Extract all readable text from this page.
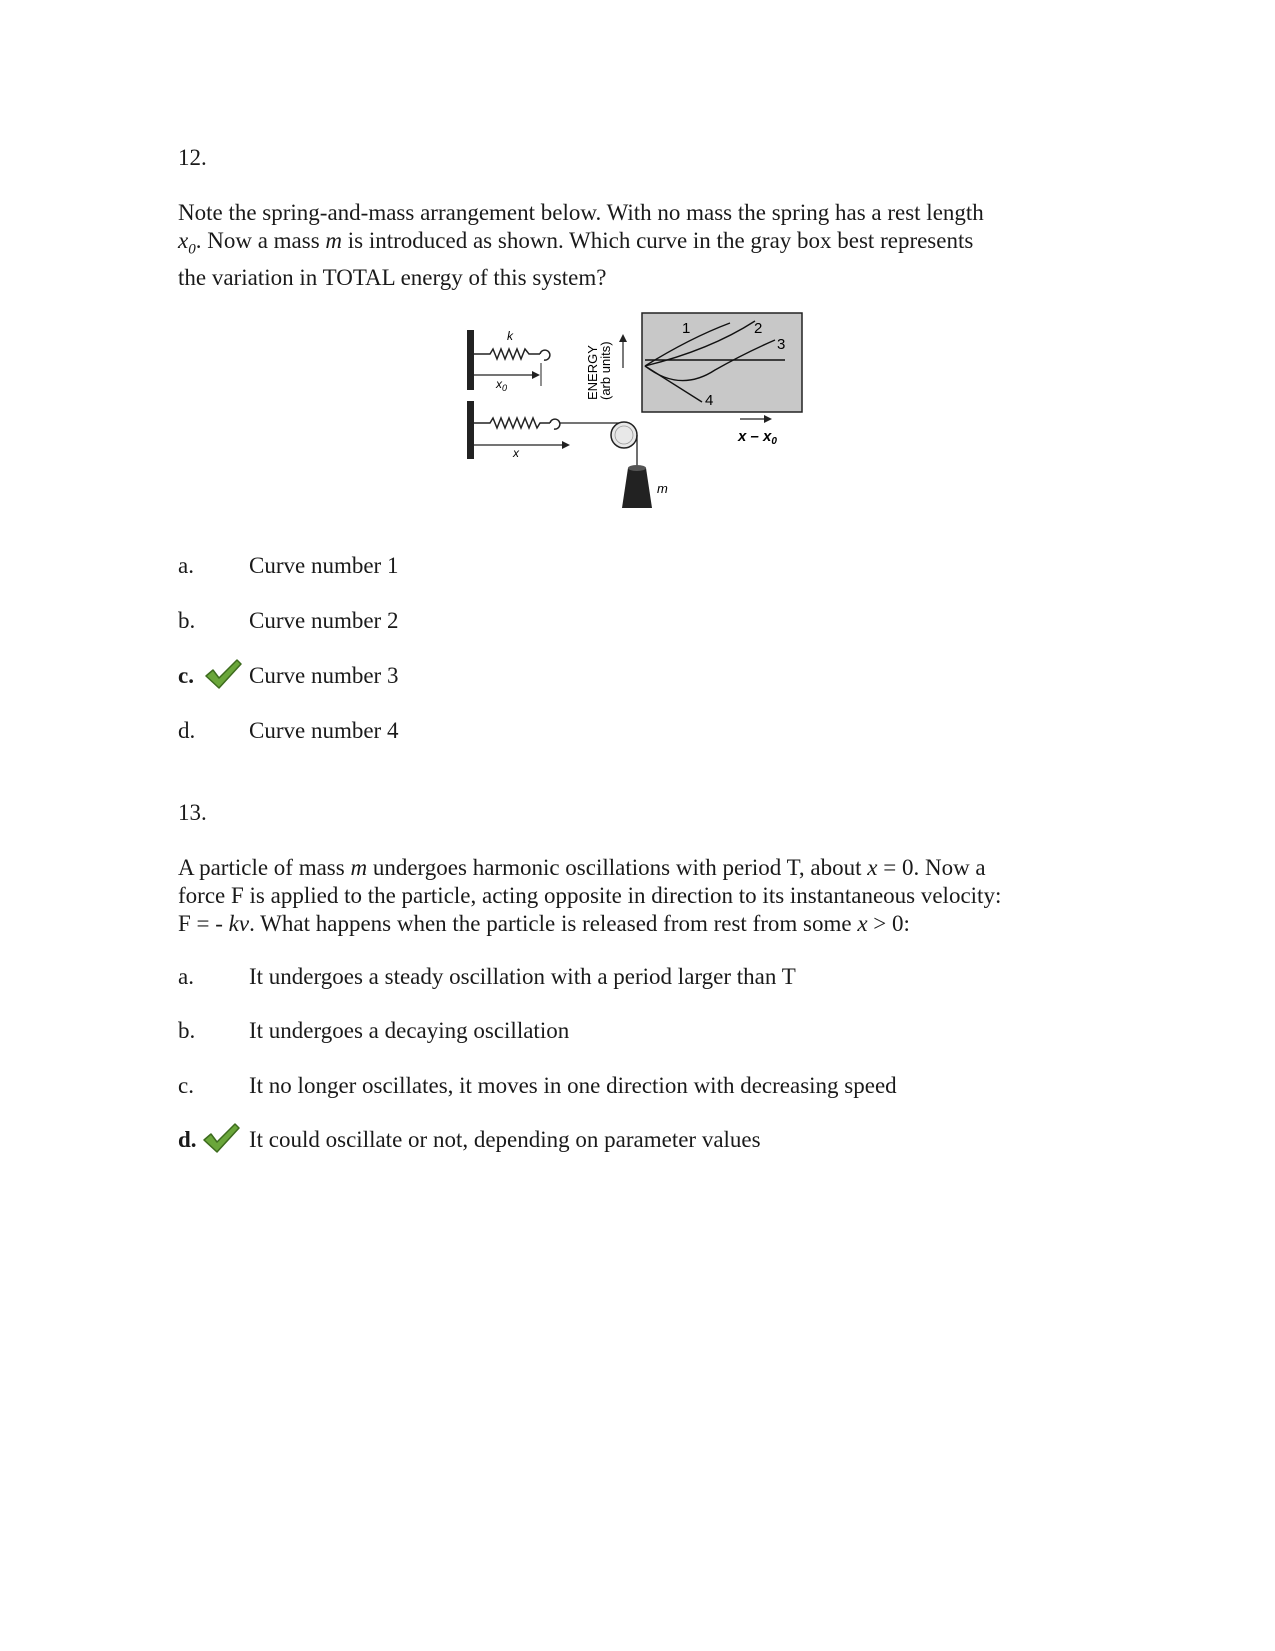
12.
Note the spring-and-mass arrangement below. With no mass the spring has a rest length
$x_0$. Now a mass m is introduced as shown. Which curve in the gray box best represents
the variation in TOTAL energy of this system?
k
$x_0$
x
m
ENERGY
(arb units)
1	2
3
4
x – $x_0$
a. Curve number 1
b. Curve number 2
c. Curve number 3
d. Curve number 4
13.
A particle of mass m undergoes harmonic oscillations with period T, about x = 0. Now a
force F is applied to the particle, acting opposite in direction to its instantaneous velocity:
F = - kv. What happens when the particle is released from rest from some x > 0:
a. It undergoes a steady oscillation with a period larger than T
b. It undergoes a decaying oscillation
c. It no longer oscillates, it moves in one direction with decreasing speed
d. It could oscillate or not, depending on parameter values
